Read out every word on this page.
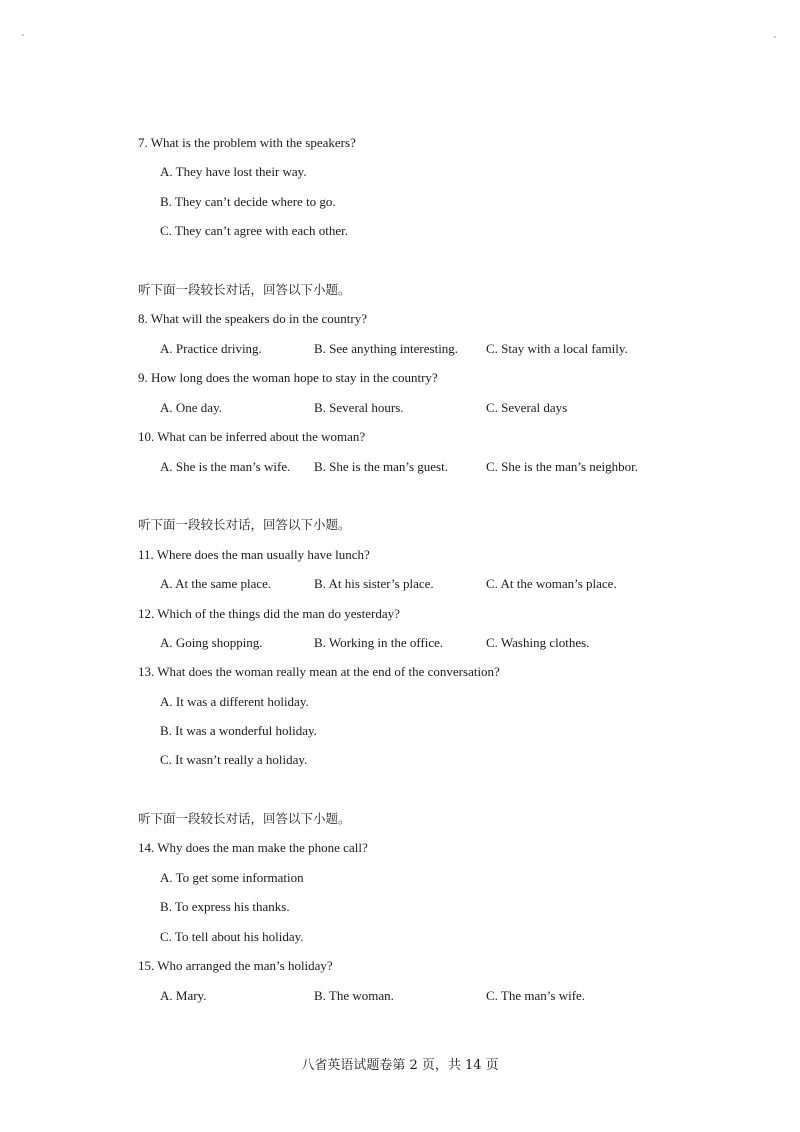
7. What is the problem with the speakers?
A. They have lost their way.
B. They can’t decide where to go.
C. They can’t agree with each other.
听下面一段较长对话，回答以下小题。
8. What will the speakers do in the country?
A. Practice driving.	B. See anything interesting. C. Stay with a local family.
9. How long does the woman hope to stay in the country?
A. One day.	B. Several hours.	C. Several days
10. What can be inferred about the woman?
A. She is the man’s wife. B. She is the man’s guest.	C. She is the man’s neighbor.
听下面一段较长对话，回答以下小题。
11. Where does the man usually have lunch?
A. At the same place.	B. At his sister’s place.	C. At the woman’s place.
12. Which of the things did the man do yesterday?
A. Going shopping.	B. Working in the office.	C. Washing clothes.
13. What does the woman really mean at the end of the conversation?
A. It was a different holiday.
B. It was a wonderful holiday.
C. It wasn’t really a holiday.
听下面一段较长对话，回答以下小题。
14. Why does the man make the phone call?
A. To get some information
B. To express his thanks.
C. To tell about his holiday.
15. Who arranged the man’s holiday?
A. Mary.	B. The woman.	C. The man’s wife.
八省英语试题卷第 2 页，共 14 页
